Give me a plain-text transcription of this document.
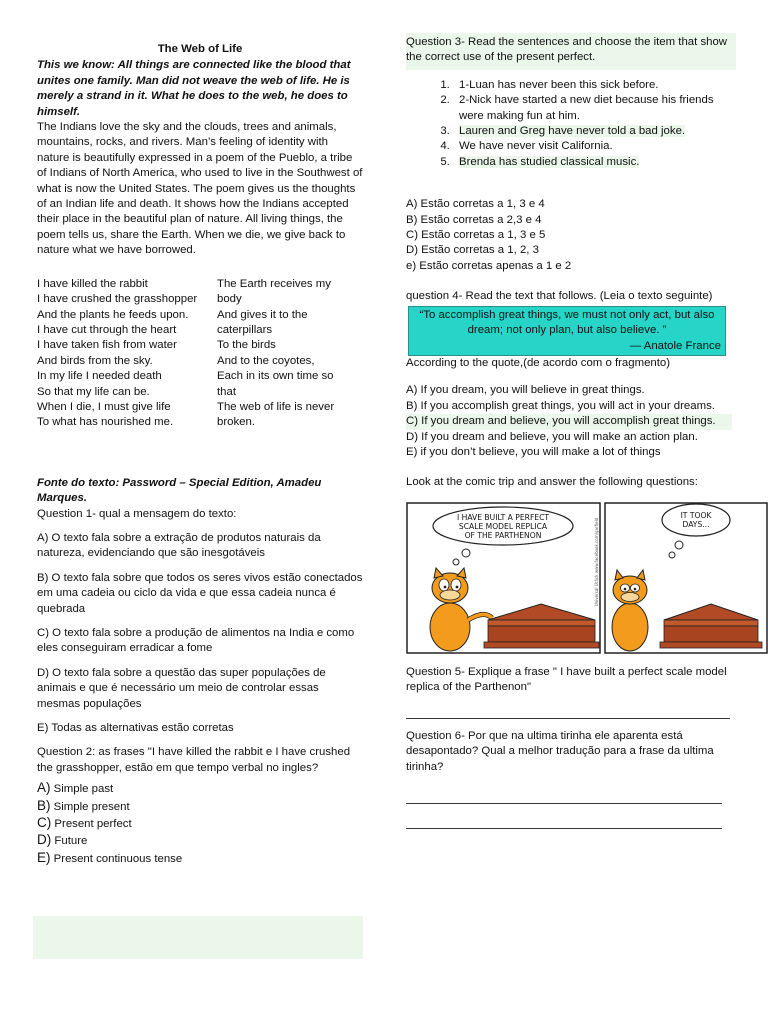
The Web of Life

This we know: All things are connected like the blood that unites one family. Man did not weave the web of life. He is merely a strand in it. What he does to the web, he does to himself.

The Indians love the sky and the clouds, trees and animals, mountains, rocks, and rivers. Man’s feeling of identity with nature is beautifully expressed in a poem of the Pueblo, a tribe of Indians of North America, who used to live in the Southwest of what is now the United States. The poem gives us the thoughts of an Indian life and death. It shows how the Indians accepted their place in the beautiful plan of nature. All living things, the poem tells us, share the Earth. When we die, we give back to nature what we have borrowed.

I have killed the rabbit
I have crushed the grasshopper
And the plants he feeds upon.
I have cut through the heart
I have taken fish from water
And birds from the sky.
In my life I needed death
So that my life can be.
When I die, I must give life
To what has nourished me.
The Earth receives my
body
And gives it to the
caterpillars
To the birds
And to the coyotes,
Each in its own time so
that
The web of life is never
broken.

Fonte do texto: Password – Special Edition, Amadeu Marques.

Question 1- qual a mensagem do texto:

A) O texto fala sobre a extração de produtos naturais da natureza, evidenciando que são inesgotáveis

B) O texto fala sobre que todos os seres vivos estão conectados em uma cadeia ou ciclo da vida e que essa cadeia nunca é quebrada

C) O texto fala sobre a produção de alimentos na India e como eles conseguiram erradicar a fome

D) O texto fala sobre a questão das super populações de animais e que é necessário um meio de controlar essas mesmas populações

E) Todas as alternativas estão corretas

Question 2: as frases "I have killed the rabbit e I have crushed the grasshopper, estão em que tempo verbal no ingles?

A) Simple past
B) Simple present
C) Present perfect
D) Future
E) Present continuous tense

Question 3- Read the sentences and choose the item that show the correct use of the present perfect.

1. 1-Luan has never been this sick before.
2. 2-Nick have started a new diet because his friends were making fun at him.
3. Lauren and Greg have never told a bad joke.
4. We have never visit California.
5. Brenda has studied classical music.
A) Estão corretas a 1, 3 e 4
B) Estão corretas a 2,3 e 4
C) Estão corretas a 1, 3 e 5
D) Estão corretas a 1, 2, 3
e) Estão corretas apenas a 1 e 2

question 4- Read the text that follows. (Leia o texto seguinte)

“To accomplish great things, we must not only act, but also dream; not only plan, but also believe. ”

— Anatole France

According to the quote,(de acordo com o fragmento)

A) If you dream, you will believe in great things.
B) If you accomplish great things, you will act in your dreams.
C) If you dream and believe, you will accomplish great things.
D) If you dream and believe, you will make an action plan.
E) if you don’t believe, you will make a lot of things

Look at the comic trip and answer the following questions:

I HAVE BUILT A PERFECT
SCALE MODEL REPLICA
OF THE PARTHENON
IT TOOK
DAYS...
Universal Uclick www.facebook.com/garfield

Question 5- Explique a frase " I have built a perfect scale model replica of the Parthenon"

Question 6- Por que na ultima tirinha ele aparenta está desapontado? Qual a melhor tradução para a frase da ultima tirinha?
